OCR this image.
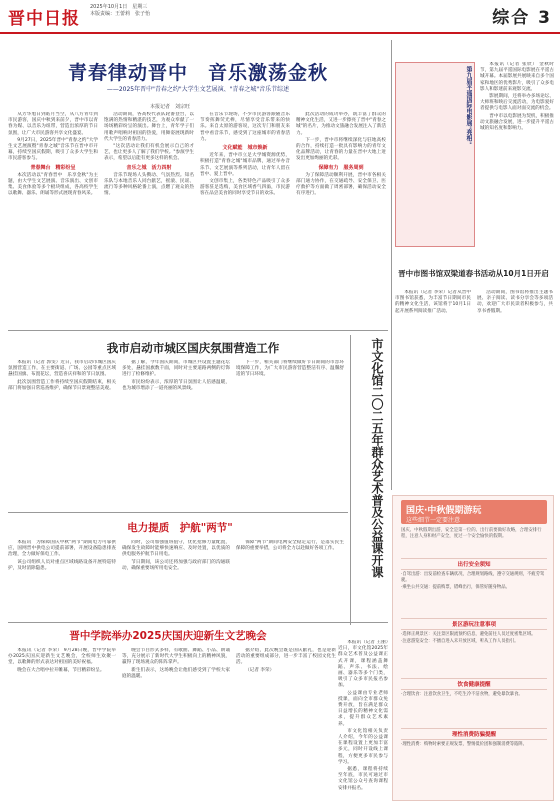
晋中日报
2025年10月1日　星期三
本版责编：王蕾莉　张子怡	综合 3
青春律动晋中　音乐激荡金秋
——2025年晋中"青春之约"大学生文艺展演、"青春之城"音乐节综述
本报记者　刘宗旺

从芳华旭日到皓月当空，从八方青年到市民游客，国庆中秋到来前夕，晋中市以青春为媒、以音乐为纽带，营造出浓厚的节日氛围，让广大市民游客共享文化盛宴。

9月27日，2025年晋中"青春之约"大学生文艺展演暨"青春之城"音乐节在晋中市开幕，持续至国庆假期，吸引了众多大学生和市民游客参与。

青春舞台　精彩纷呈

本次活动以"青春晋中　乐享金秋"为主题，由大学生文艺展演、音乐演出、文创市集、美食体验等多个板块组成，各高校学生以歌舞、器乐、朗诵等形式展现青春风采。

活动期间，各高校代表队轮番登台，以饱满的热情和精湛的技艺，为观众奉献了一场场精彩纷呈的演出。舞台上，青年学子们用歌声唱响对祖国的热爱，用舞姿展现新时代大学生的青春活力。

"这次活动让我们有机会展示自己的才艺，也让更多人了解了我们学校。"参演学生表示，希望以后能有更多这样的机会。

音乐之城　活力四射

音乐节现场人头攒动、气氛热烈。知名乐队与本地音乐人同台献艺，摇滚、民谣、流行等多种风格轮番上演，点燃了观众的热情。

在音乐节现场，不少市民游客跟随音乐节奏挥舞荧光棒，尽情享受音乐带来的快乐。来自太原的游客说，这次专门和朋友来晋中看音乐节，感受到了这座城市的青春活力。

文化赋能　城市焕新

近年来，晋中市立足大学城资源优势，积极打造"青春之城"城市品牌，通过举办音乐节、文艺展演等系列活动，让青年人留在晋中、爱上晋中。

文创市集上，各类特色产品吸引了众多游客驻足选购，美食区域香气四溢，市民游客在品尝美食的同时享受节日的欢乐。

此次活动的成功举办，既丰富了群众的精神文化生活，又进一步擦亮了晋中"青春之城"的名片，为推动文旅融合发展注入了新活力。

下一步，晋中市将继续深化与驻地高校的合作，持续打造一批具有影响力的青年文化品牌活动，让青春的力量在晋中大地上迸发出更加绚丽的光彩。

保障有力　服务周到

为了保障活动顺利开展，晋中市各相关部门通力协作，在交通疏导、安全保卫、医疗救护等方面做了周密部署，确保活动安全有序进行。

第九届平遥国际电影展"亮相"

本报讯（记者 张欣） 金秋时节，第九届平遥国际电影展在平遥古城开幕。本届影展共展映来自多个国家和地区的优秀影片，吸引了众多电影人和影迷前来观影交流。

影展期间，还将举办多场论坛、大师班和映后交流活动，为电影爱好者提供与电影人面对面交流的机会。

晋中市以电影展为契机，积极推动文旅融合发展，进一步提升平遥古城的知名度和影响力。

晋中市图书馆双梁道春书活动从10月1日开启

本报讯（记者 李荣）记者从晋中市图书馆获悉，为丰富节日期间市民的精神文化生活，该馆将于10月1日起开展系列阅读推广活动。

活动期间，图书馆将推出主题书展、亲子阅读、读书分享会等多项活动，欢迎广大市民读者积极参与，共享书香假期。

我市启动市城区国庆氛围营造工作

本报讯（记者 郭雯）近日，我市启动市城区国庆氛围营造工作，在主要街道、广场、公园等重点区域悬挂国旗、布置花坛，营造喜庆祥和的节日氛围。

此次氛围营造工作将持续至国庆假期结束，相关部门将加强日常巡查维护，确保节日景观整洁美观。

据了解，今年国庆期间，市城区共设置主题花坛多处，悬挂国旗数千面，同时对主要道路两侧的灯饰进行了检修维护。

市民纷纷表示，浓厚的节日氛围让人倍感温暖，也为城市增添了一道亮丽的风景线。

下一步，相关部门将继续做好节日期间的市容环境保障工作，为广大市民游客营造整洁有序、温馨舒适的节日环境。	市文化馆二〇二五年群众艺术普及公益课开课
电力提质　护航"两节"

本报讯　为保障国庆中秋"两节"期间电力可靠供应，国网晋中供电公司提前部署，开展设备隐患排查治理，全力做好保电工作。

该公司组织人员对重点区域线路设备开展特巡特护，及时消除隐患。

同时，公司加强值班值守，优化抢修力量配置，确保发生故障时能够快速响应、及时处置，以优质的供电服务护航节日用电。

节日期间，该公司还将加强与政府部门的沟通联动，确保重要场所用电安全。

保障"两节"期间电网安全稳定运行，是落实民生保障的重要举措，公司将全力以赴做好各项工作。

晋中学院举办2025庆国庆迎新生文艺晚会

本报讯（记者 李荣） 9月28日晚，晋中学院举办2025庆国庆迎新生文艺晚会，全校师生欢聚一堂，以歌舞的形式表达对祖国的美好祝福。

晚会在大合唱中拉开帷幕，节目精彩纷呈。

晚会节目形式多样，有歌曲、舞蹈、小品、朗诵等，充分展示了新时代大学生积极向上的精神风貌，赢得了现场观众的阵阵掌声。

新生们表示，这场晚会让他们感受到了学校大家庭的温暖。

据介绍，此次晚会既是国庆献礼，也是迎新活动的重要组成部分，进一步丰富了校园文化生活。

（记者 李荣）

本报讯（记者 王丽）近日，市文化馆2025年群众艺术普及公益课正式开课，课程涵盖舞蹈、声乐、书法、绘画、器乐等多个门类，吸引了众多市民报名参加。

公益课由专业老师授课，面向全市群众免费开放，旨在满足群众日益增长的精神文化需求，提升群众艺术素养。

市文化馆相关负责人介绍，今年的公益课在课程设置上更加丰富多元，同时开设线上课程，方便更多市民参与学习。

据悉，课程将持续至年底，市民可通过市文化馆公众号查询课程安排并报名。

国庆·中秋假期游玩
这些细节一定要注意
国庆、中秋假期出游，安全是第一位的。出行前要做好攻略，合理安排行程，注意人身和财产安全，度过一个安全愉快的假期。
出行安全须知
·自驾出游：出发前检查车辆状况，合理规划路线，遵守交通规则，不疲劳驾驶。
·乘坐公共交通：提前购票，错峰出行，保管好随身物品。
景区游玩注意事项
·选择正规景区：关注景区限流预约信息，避免前往人员过度密集区域。
·注意游览安全：不擅自进入未开放区域，听从工作人员指引。
饮食健康提醒
·合理饮食：注意饮食卫生，不吃生冷不洁食物，避免暴饮暴食。
理性消费防骗提醒
·理性消费：购物时索要正规发票，警惕低价团和强制消费等陷阱。
